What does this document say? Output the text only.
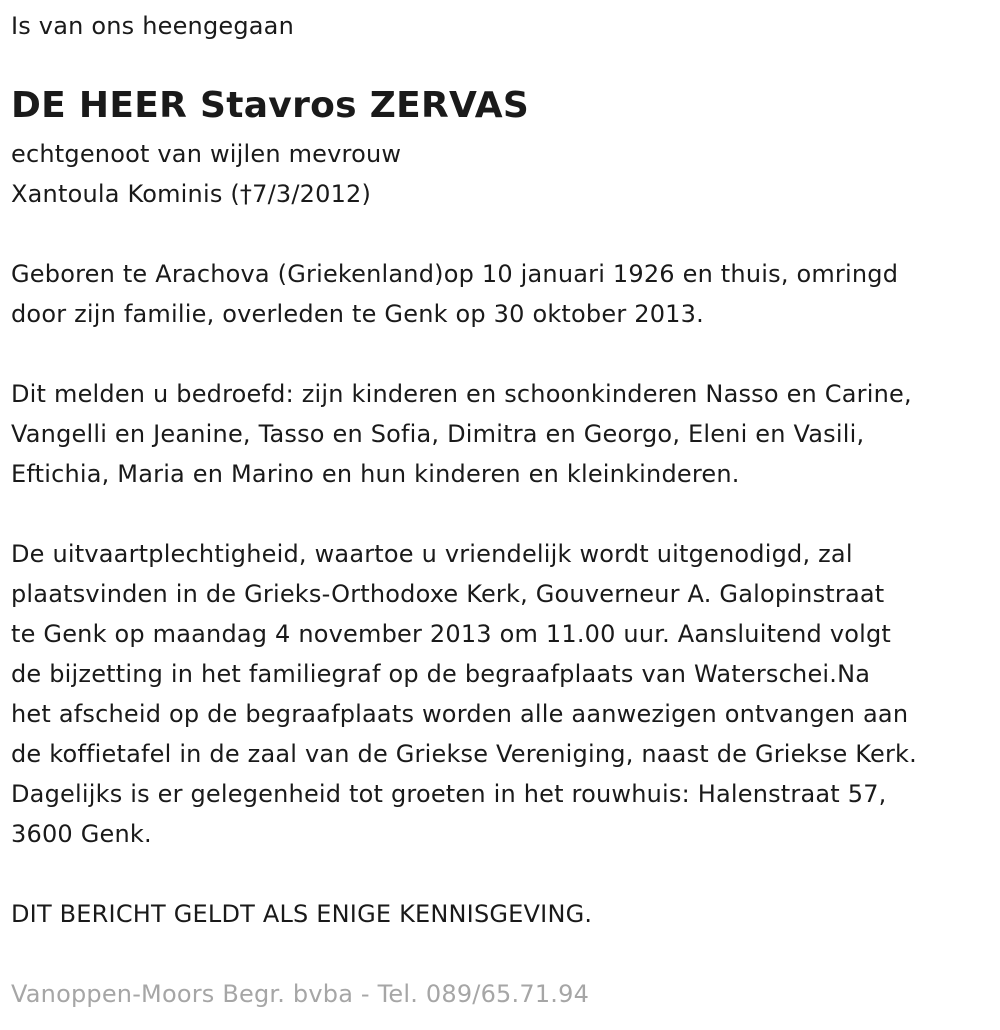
Is van ons heengegaan
DE HEER Stavros ZERVAS
echtgenoot van wijlen mevrouw
Xantoula Kominis (†7/3/2012)
Geboren te Arachova (Griekenland)op 10 januari 1926 en thuis, omringd
door zijn familie, overleden te Genk op 30 oktober 2013.
Dit melden u bedroefd: zijn kinderen en schoonkinderen Nasso en Carine,
Vangelli en Jeanine, Tasso en Sofia, Dimitra en Georgo, Eleni en Vasili,
Eftichia, Maria en Marino en hun kinderen en kleinkinderen.
De uitvaartplechtigheid, waartoe u vriendelijk wordt uitgenodigd, zal
plaatsvinden in de Grieks-Orthodoxe Kerk, Gouverneur A. Galopinstraat
te Genk op maandag 4 november 2013 om 11.00 uur. Aansluitend volgt
de bijzetting in het familiegraf op de begraafplaats van Waterschei.Na
het afscheid op de begraafplaats worden alle aanwezigen ontvangen aan
de koffietafel in de zaal van de Griekse Vereniging, naast de Griekse Kerk.
Dagelijks is er gelegenheid tot groeten in het rouwhuis: Halenstraat 57,
3600 Genk.
DIT BERICHT GELDT ALS ENIGE KENNISGEVING.
Vanoppen-Moors Begr. bvba - Tel. 089/65.71.94
